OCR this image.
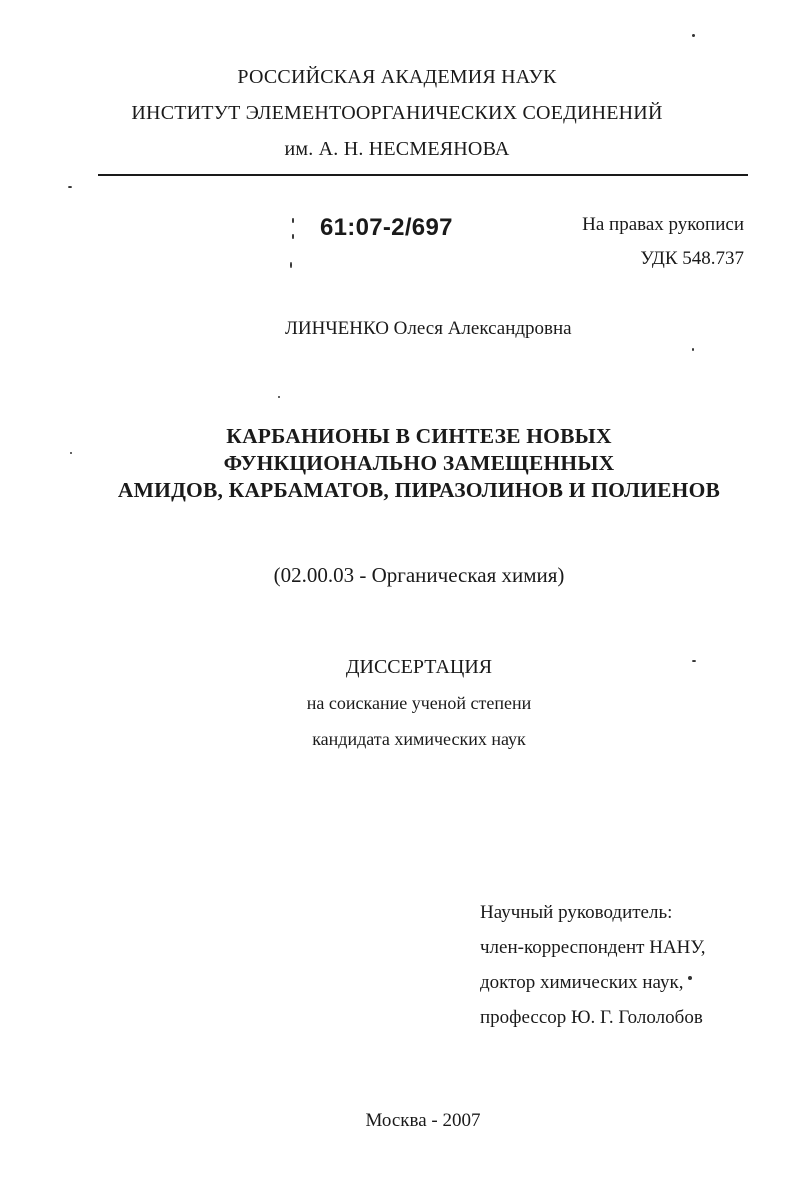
РОССИЙСКАЯ АКАДЕМИЯ НАУК
ИНСТИТУТ ЭЛЕМЕНТООРГАНИЧЕСКИХ СОЕДИНЕНИЙ
им. А. Н. НЕСМЕЯНОВА
61:07-2/697	На правах рукописи
УДК 548.737
ЛИНЧЕНКО Олеся Александровна
КАРБАНИОНЫ В СИНТЕЗЕ НОВЫХ
ФУНКЦИОНАЛЬНО ЗАМЕЩЕННЫХ
АМИДОВ, КАРБАМАТОВ, ПИРАЗОЛИНОВ И ПОЛИЕНОВ
(02.00.03 - Органическая химия)
ДИССЕРТАЦИЯ
на соискание ученой степени
кандидата химических наук
Научный руководитель:
член-корреспондент НАНУ,
доктор химических наук,
профессор Ю. Г. Гололобов
Москва - 2007
